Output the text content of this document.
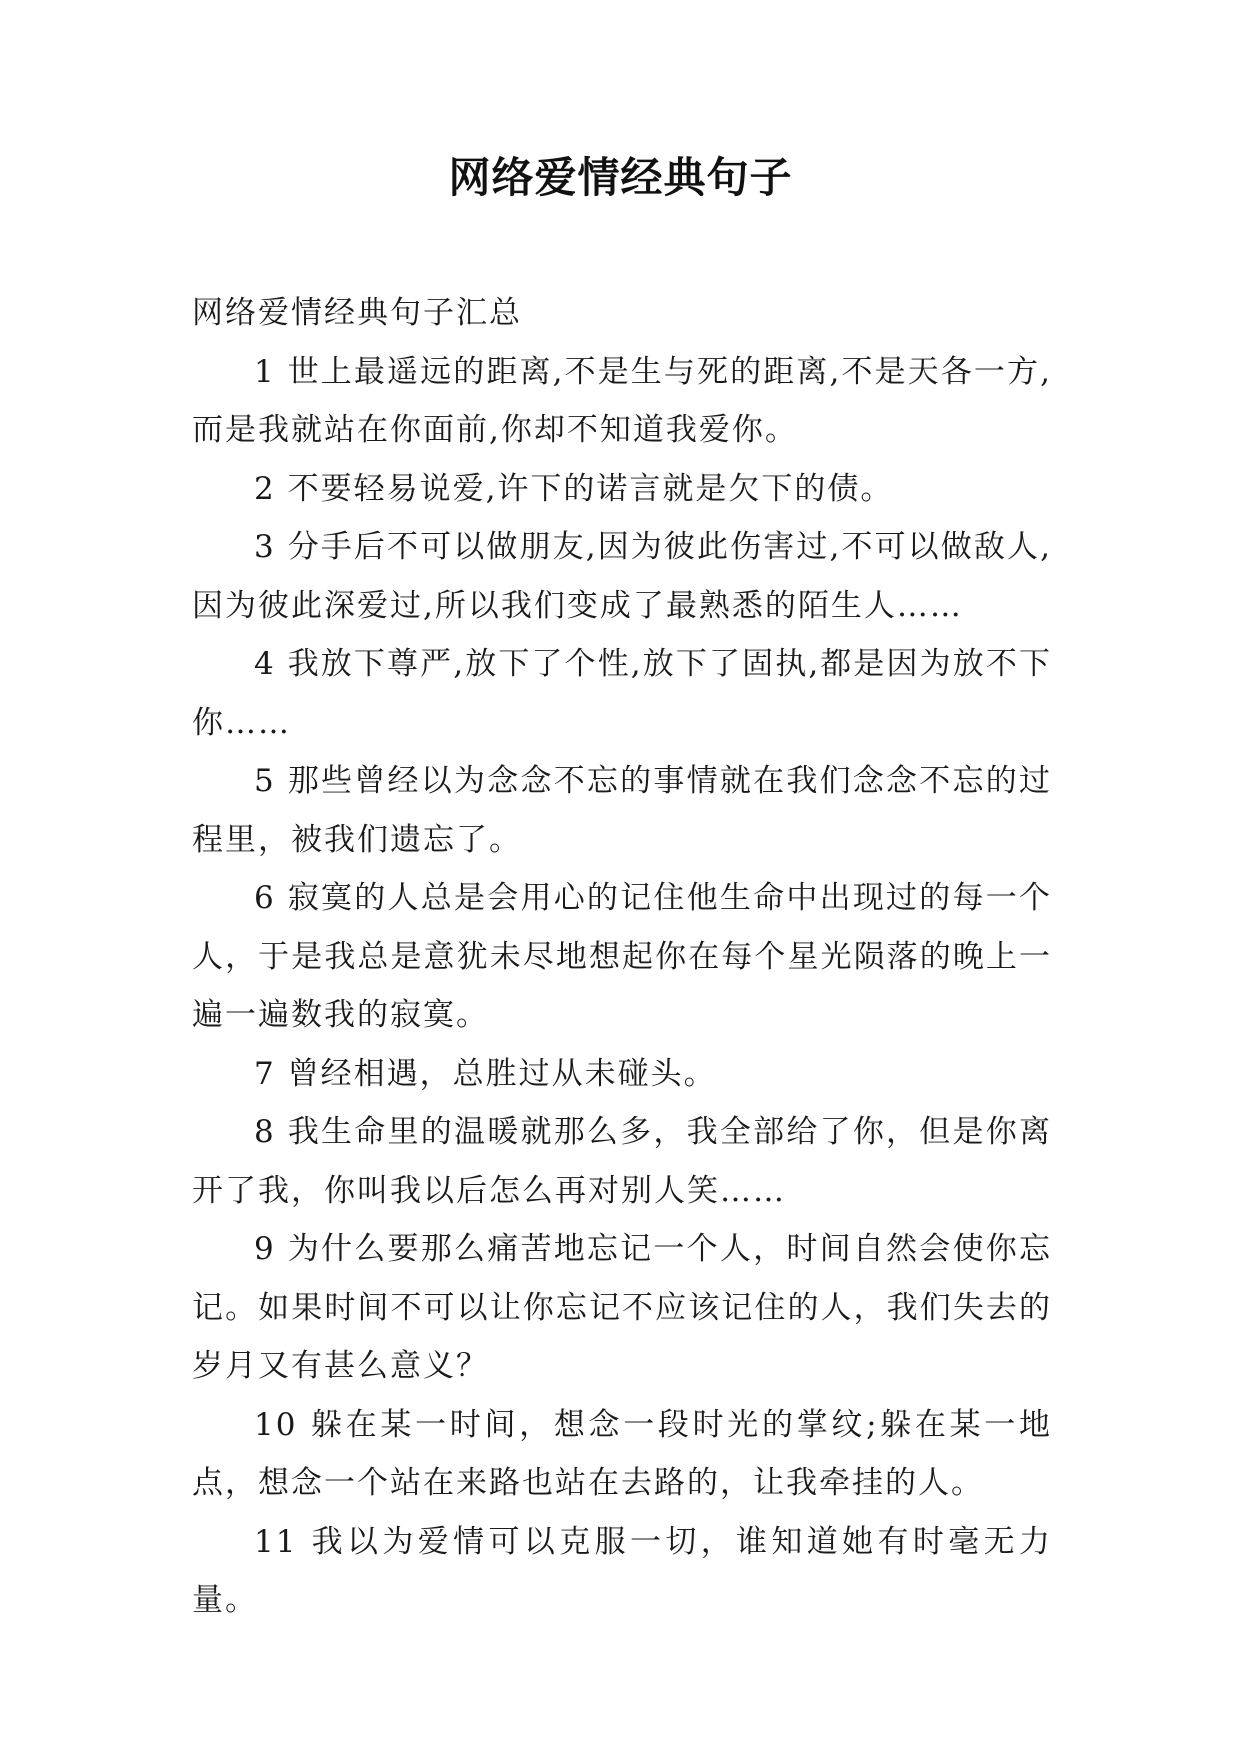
网络爱情经典句子

网络爱情经典句子汇总

1 世上最遥远的距离,不是生与死的距离,不是天各一方,而是我就站在你面前,你却不知道我爱你。

2 不要轻易说爱,许下的诺言就是欠下的债。

3 分手后不可以做朋友,因为彼此伤害过,不可以做敌人,因为彼此深爱过,所以我们变成了最熟悉的陌生人……

4 我放下尊严,放下了个性,放下了固执,都是因为放不下你……

5 那些曾经以为念念不忘的事情就在我们念念不忘的过程里，被我们遗忘了。

6 寂寞的人总是会用心的记住他生命中出现过的每一个人，于是我总是意犹未尽地想起你在每个星光陨落的晚上一遍一遍数我的寂寞。

7 曾经相遇，总胜过从未碰头。

8 我生命里的温暖就那么多，我全部给了你，但是你离开了我，你叫我以后怎么再对别人笑……

9 为什么要那么痛苦地忘记一个人，时间自然会使你忘记。如果时间不可以让你忘记不应该记住的人，我们失去的岁月又有甚么意义？

10 躲在某一时间，想念一段时光的掌纹;躲在某一地点，想念一个站在来路也站在去路的，让我牵挂的人。

11 我以为爱情可以克服一切，谁知道她有时毫无力量。
